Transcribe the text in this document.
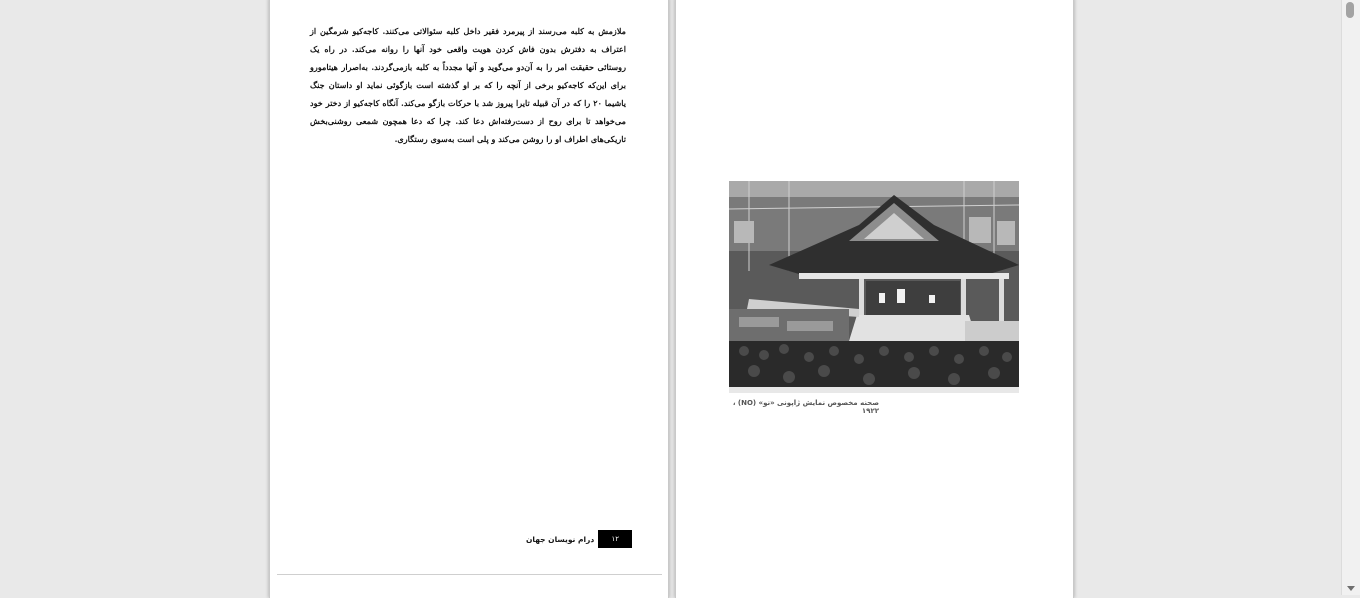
ملازمش به کلبه می‌رسند از پیرمرد فقیر داخل کلبه سئوالاتی می‌کنند. کاجه‌کیو شرمگین از اعتراف به دفترش بدون فاش کردن هویت واقعی خود آنها را روانه می‌کند. در راه یک روستائی حقیقت امر را به آن‌دو می‌گوید و آنها مجدداً به کلبه بازمی‌گردند. به‌اصرار هیتامورو برای این‌که کاجه‌کیو برخی از آنچه را که بر او گذشته است بازگوئی نماید او داستان جنگ یاشیما ۲۰ را که در آن قبیله تایرا پیروز شد با حرکات بازگو می‌کند. آنگاه کاجه‌کیو از دختر خود می‌خواهد تا برای روح از دست‌رفته‌اش دعا کند. چرا که دعا همچون شمعی روشنی‌بخش تاریکی‌های اطراف او را روشن می‌کند و پلی است به‌سوی رستگاری.
۱۲
درام نویسان جهان
صحنه مخصوص نمایش ژاپونی «نو» (NO) ، ۱۹۲۲
